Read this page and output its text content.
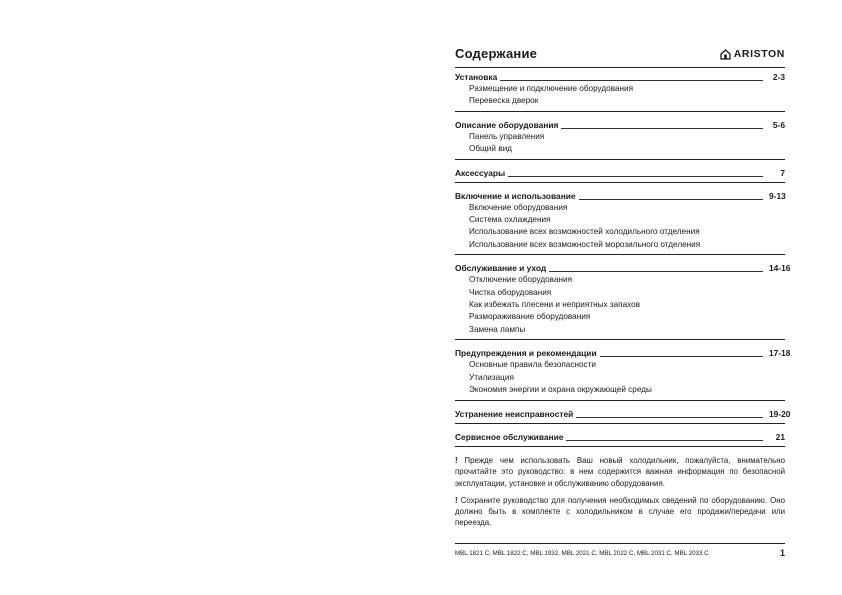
Содержание	ARISTON
Установка	2-3
Размещение и подключение оборудования
Перевеска дверок
Описание оборудования	5-6
Панель управления
Общий вид
Аксессуары	7
Включение и использование	9-13
Включение оборудования
Система охлаждения
Использование всех возможностей холодильного отделения
Использование всех возможностей морозильного отделения
Обслуживание и уход	14-16
Отключение оборудования
Чистка оборудования
Как избежать плесени и неприятных запахов
Размораживание оборудования
Замена лампы
Предупреждения и рекомендации	17-18
Основные правила безопасности
Утилизация
Экономия энергии и охрана окружающей среды
Устранение неисправностей	19-20
Сервисное обслуживание	21
! Прежде чем использовать Ваш новый холодильник, пожалуйста, внимательно прочитайте это руководство: в нем содержится важная информация по безопасной эксплуатации, установке и обслуживанию оборудования.
! Сохраните руководство для получения необходимых сведений по оборудованию. Оно должно быть в комплекте с холодильником в случае его продажи/передачи или переезда.
MBL 1821 C, MBL 1822 C, MBL 1932, MBL 2021 C, MBL 2022 C, MBL 2031 C, MBL 2033 C	1
